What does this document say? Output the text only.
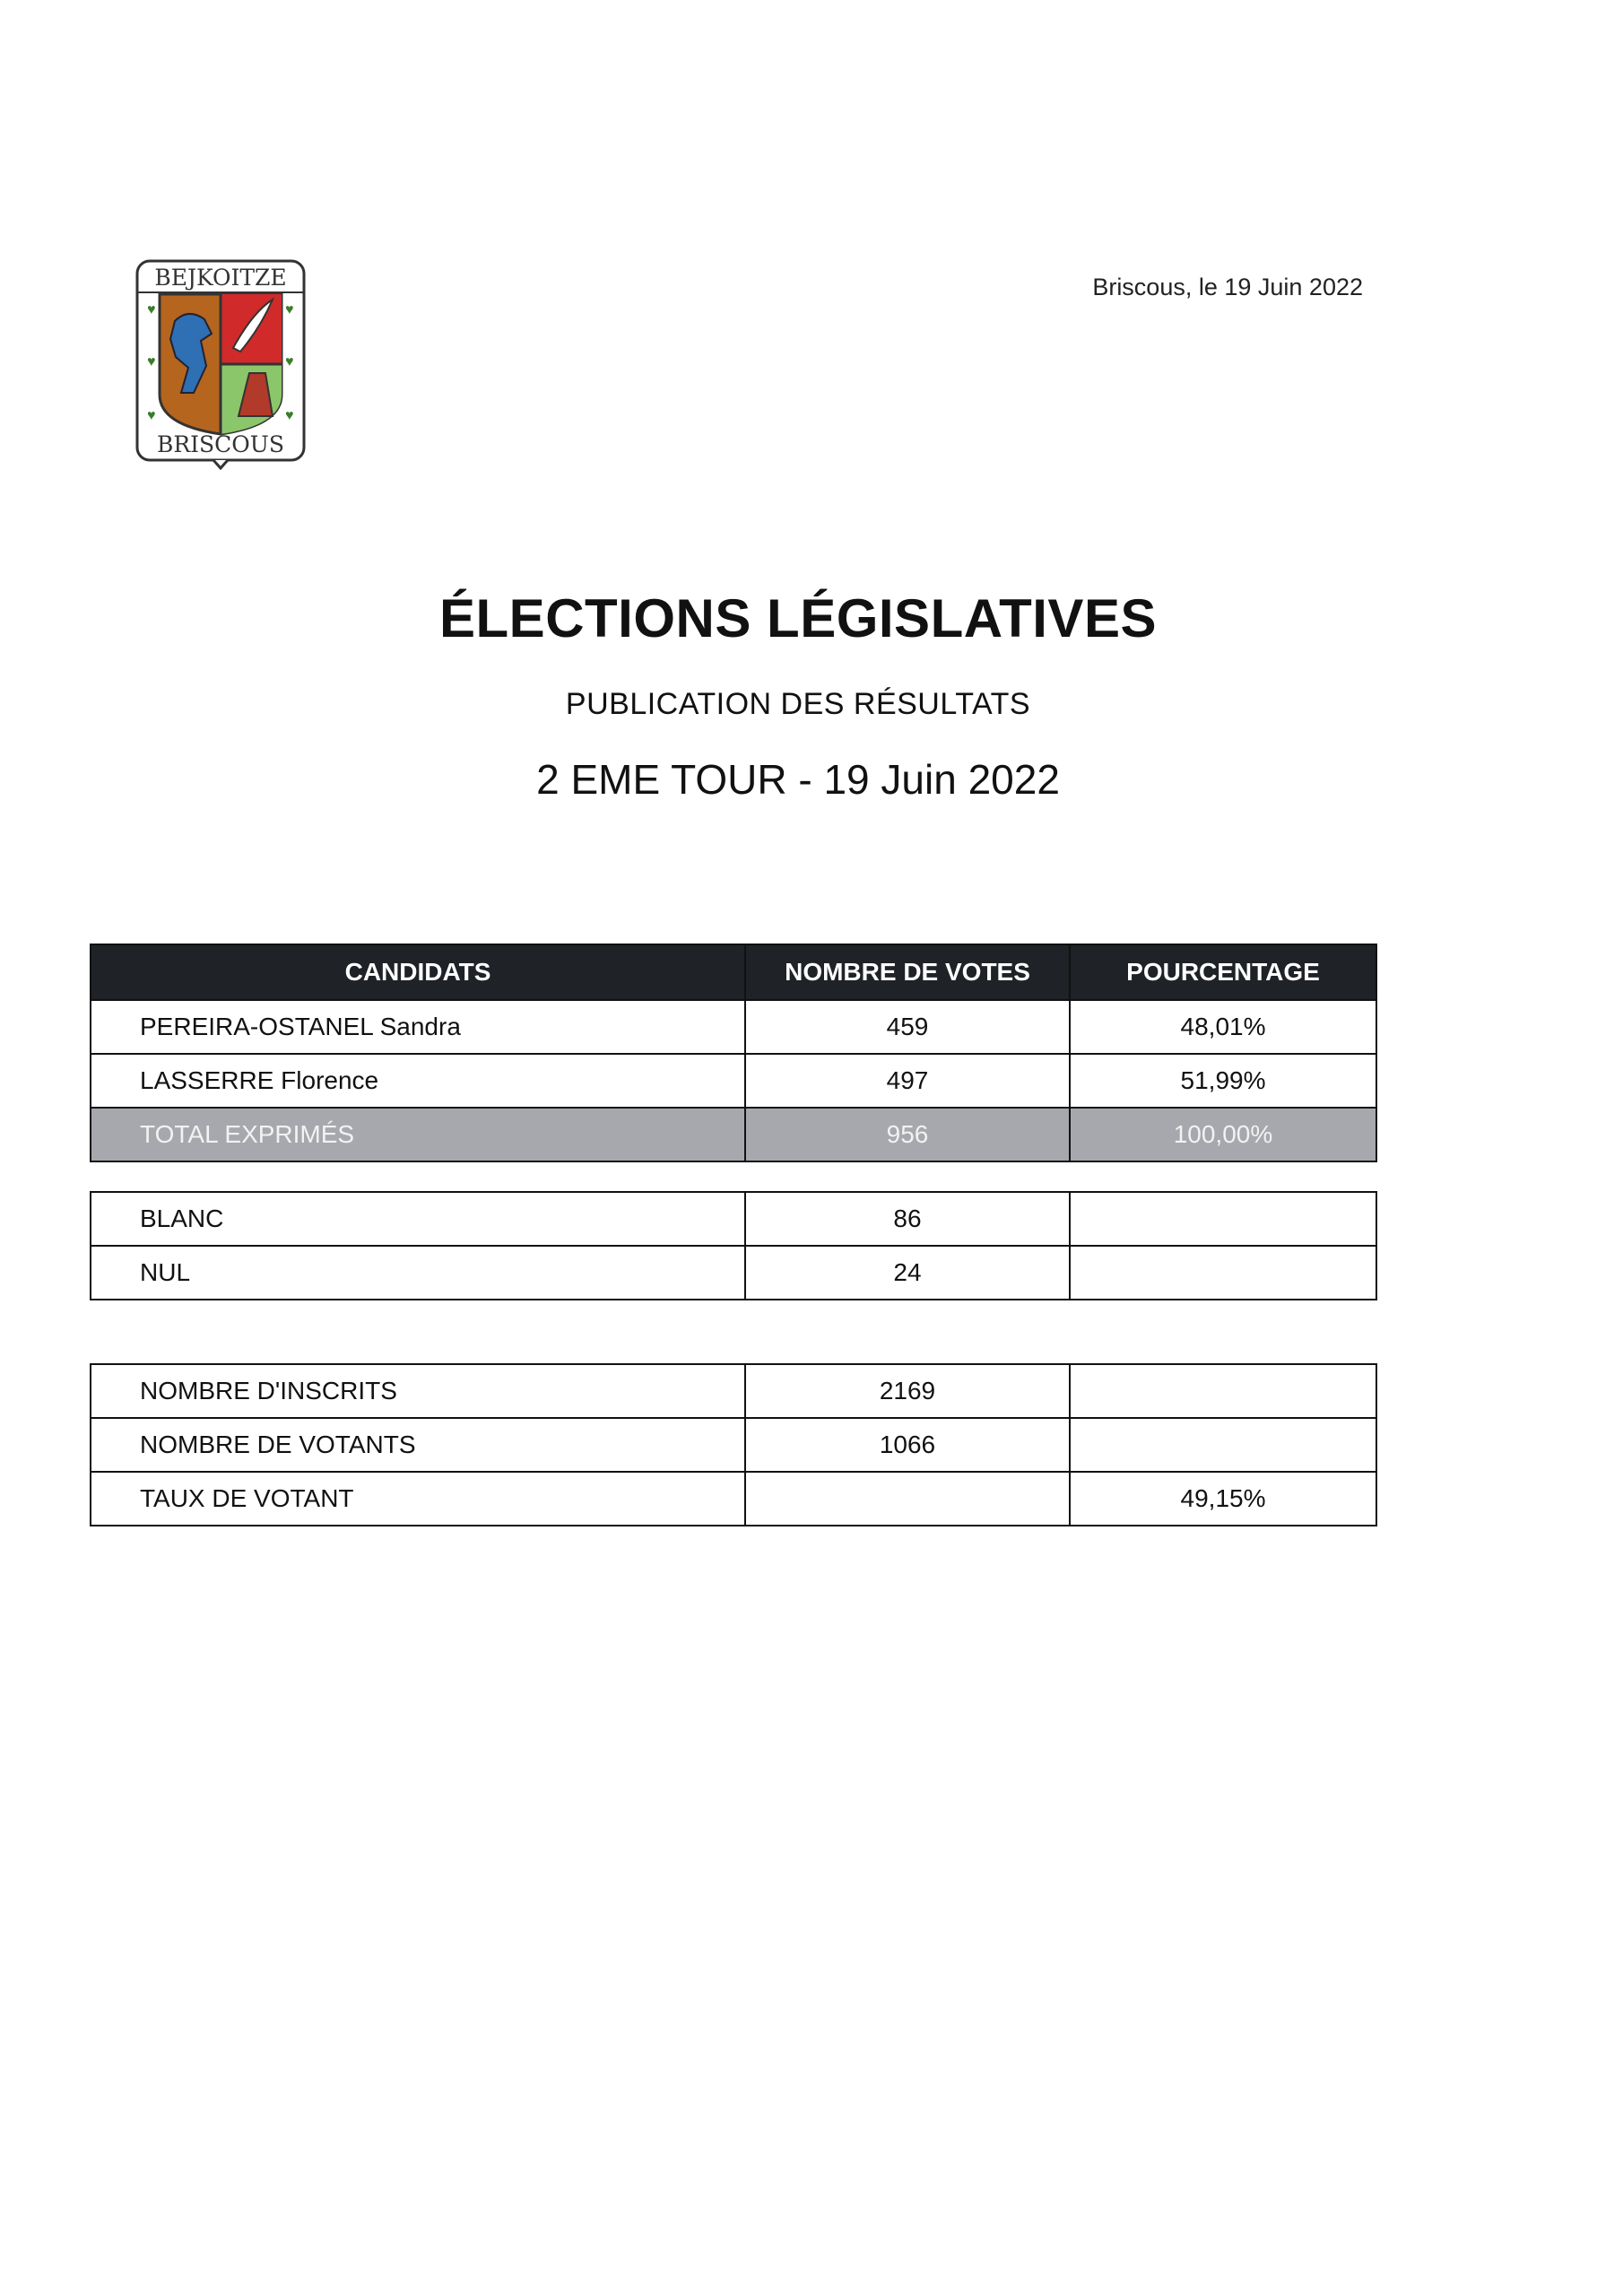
BEJKOITZE
♥	♥
♥	♥
♥	♥
BRISCOUS
Briscous, le 19 Juin 2022
ÉLECTIONS LÉGISLATIVES
PUBLICATION DES RÉSULTATS
2 EME TOUR - 19 Juin 2022
CANDIDATS	NOMBRE DE VOTES	POURCENTAGE
PEREIRA-OSTANEL Sandra	459	48,01%
LASSERRE Florence	497	51,99%
TOTAL EXPRIMÉS	956	100,00%
BLANC	86	
NUL	24	
NOMBRE D'INSCRITS	2169	
NOMBRE DE VOTANTS	1066	
TAUX DE VOTANT		49,15%
